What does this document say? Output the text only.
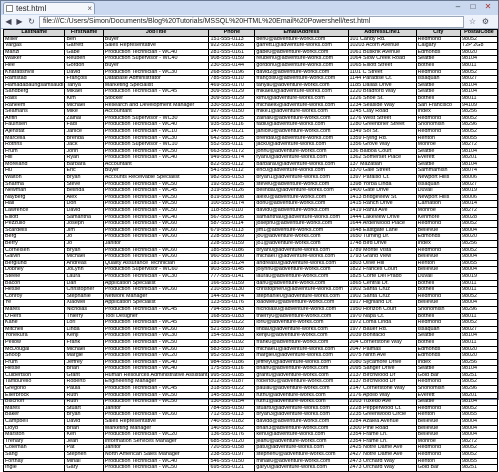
test.html	×	–	□	✕
◀ ▶ ↻	file:///C:/Users/Simon/Documents/Blog%20Tutorials/MSSQL%20HTML%20Email%20Powershell/test.html	☆ ⚙
LastName	FirstName	JobTitle	Phone	EmailAddress	AddressLine1	City	PostalCode
Miller	Ben	Buyer	151-555-0113	ben0@adventure-works.com	101 Candy Rd.	Redmond	98052
Vargas	Garrett	Sales Representative	922-555-0165	garrett1@adventure-works.com	10203 Acorn Avenue	Calgary	T2P 2G8
Manzi	Gabe	Production Technician - WC40	281-555-0161	gabe0@adventure-works.com	1061 Buskrik Avenue	Edmonds	98020
Walker	Reuben	Production Supervisor - WC40	908-555-0159	reuben0@adventure-works.com	1064 Slow Creek Road	Seattle	98104
Hee	Gordon	Buyer	230-555-0144	gordon0@adventure-works.com	1065 Elliott Street	Bothell	98011
Kharatishvili	David	Production Technician - WC30	268-555-0196	david2@adventure-works.com	1101 C Street	Redmond	98052
Ramstad	François	Database Administrator	785-555-0110	françois0@adventure-works.com	1144 Paradise Ct.	Issaquah	98027
Hamadabaungsamsaudi	Tanya	Marketing Specialist	469-555-0170	tanya0@adventure-works.com	1185 Dallas Drive	Seattle	98104
Sandberg	Mikael	Production Technician - WC45	309-555-0129	mikael0@adventure-works.com	1220 Bradford Way	Seattle	98104
Ralls	Kim	Stocker	309-555-0129	kim0@adventure-works.com	1226 Shoe St.	Bothell	98011
Raheem	Michael	Research and Development Manager	330-555-0120	michael6@adventure-works.com	1234 Seaside Way	San Francisco	94109
Seamans	Mike	Accountant	927-555-0150	mike1@adventure-works.com	1245 Clay Road	Index	98256
Arifin	Zainal	Production Supervisor - WC30	901-555-0125	zainal0@adventure-works.com	1276 West Street	Redmond	98052
Faulhsen	Fadi	Production Technician - WC40	935-555-0116	fadi0@adventure-works.com	1280 Greenbrier Street	Snohomish	98296
Ajenstat	Janice	Production Technician - WC10	147-555-0121	janice0@adventure-works.com	1349 Sol St.	Redmond	98052
Marcella	Brenda	Production Technician - WC30	642-555-0125	brenda0@adventure-works.com	1359 Flying Rd.	Renton	98055
Rothns	Jack	Production Supervisor - WC10	552-555-0111	jack0@adventure-works.com	1356 Grove Way	Monroe	98272
Frum	John	Production Technician - WC50	663-555-0172	john0@adventure-works.com	136 Balboa Court	Seattle	98104
Hill	Ryan	Production Technician - WC40	949-555-0174	ryan0@adventure-works.com	1362 Somerset Place	Everett	98201
Moreland	Barbara	Accountant	822-555-0112	barbara0@adventure-works.com	137 Mazatlan	Seattle	98104
Hu	Eric	Buyer	541-555-0112	eric0@adventure-works.com	1370 Gale Street	Sammamish	98074
Walton	Bryan	Accounts Receivable Specialist	982-555-0153	bryan1@adventure-works.com	1397 Paraiso Ct.	Newport Hills	98006
Sharma	Steve	Production Technician - WC50	192-555-0125	steve0@adventure-works.com	1398 Yorba Linda	Issaquah	98027
Newman	Belinda	Production Technician - WC45	319-555-0126	belinda0@adventure-works.com	1400 Gate Drive	Duvall	98019
Nayberg	Alex	Production Technician - WC50	819-555-0198	alex0@adventure-works.com	1413 Bridgeview St.	Newport Hills	98006
Hall	Don	Production Technician - WC50	100-555-0174	don0@adventure-works.com	1415 Ranch Drive	Carnation	98014
Lawrence	David	Production Technician - WC50	118-555-0110	david0@adventure-works.com	1419 Rahul Ave	Monroe	98272
Elliott	Samantha	Production Technician - WC40	567-555-0195	samantha0@adventure-works.com	1444 Lakeview Drive	Kenmore	98028
Pezzullo	Joseph	Production Technician - WC60	587-555-0114	joseph0@adventure-works.com	1644 Ardenwood Place	Redmond	98052
Scardelis	Jim	Production Technician - WC60	679-555-0113	jim1@adventure-works.com	1648 Eastgate Lane	Bellevue	98004
Berg	Jo	Production Technician - WC60	228-555-0159	jo0@adventure-works.com	1650 Turning Dr.	Edmonds	98020
Berry	Jo	Janitor	228-555-0159	jo1@adventure-works.com	1748 Bird Drive	Index	98256
Cornelsen	Bryan	Production Technician - WC60	185-555-0186	bryan0@adventure-works.com	1789 Monte Vista	Redmond	98052
Galvin	Michael	Production Technician - WC60	960-555-0180	michael7@adventure-works.com	1793 Grand View	Bellevue	98004
Berglund	Andreas	Quality Assurance Technician	181-555-0124	andreas0@adventure-works.com	1803 Olive Hill	Renton	98055
Dobney	JoLynn	Production Supervisor - WC60	903-555-0145	jolynn0@adventure-works.com	1822 Frances Court	Bellevue	98004
Steele	Laura	Production Technician - WC30	777-555-0141	laura0@adventure-works.com	1825 Corte Del Prado	Duvall	98019
Bacon	Dan	Application Specialist	166-555-0159	dan0@adventure-works.com	1865 Central Dr.	Bothell	98011
Hesse	Christopher	Production Technician - WC60	210-555-0130	christopher0@adventure-works.com	1902 Santa Cruz	Bothell	98011
Conroy	Stephanie	Network Manager	144-555-0174	stephanie0@adventure-works.com	1902 Santa Cruz	Redmond	98052
Ye	Xiaowei	Application Specialist	123-555-0176	xiaowei0@adventure-works.com	1917 Highland Dr.	Bellevue	98004
Mares	Nicholas	Production Technician - WC45	794-555-0143	nicholas0@adventure-works.com	1950 Horizon Court	Snohomish	98296
D'Hers	Thierry	Tool Designer	168-555-0183	thierry0@adventure-works.com	1970 Napa Ct.	Bothell	98011
Kane	Lori	Production Technician - WC45	159-555-0122	lori0@adventure-works.com	1972 Loma Linda	Redmond	98052
Mitchell	Linda	Production Technician - WC60	521-555-0169	linda0@adventure-works.com	1977 Bauer Rd.	Issaquah	98027
Yonekura	Kenji	Production Technician - WC30	154-555-0133	kenji0@adventure-works.com	2039 Bonifacio	Seattle	98104
Pellow	Frank	Production Technician - WC50	283-555-0192	frank0@adventure-works.com	204 Cornerstone Way	Bothell	98011
McDougal	Michael	Production Technician - WC60	583-555-0110	michael1@adventure-works.com	2047 Palmas	Edmonds	98020
Shoop	Margie	Production Technician - WC20	952-555-0128	margie0@adventure-works.com	2075 Ninth Ave	Edmonds	98020
Frum	Jeffrey	Production Technician - WC40	984-555-0186	jeffrey0@adventure-works.com	2080 Sycamore Drive	Index	98256
Hesse	Brian	Production Technician - WC40	175-555-0116	brian0@adventure-works.com	2095 Sanger Drive	Seattle	98104
Culbertson	Grant	Human Resources Administrative Assistant	995-555-0185	grant0@adventure-works.com	2137 Birchwood Dr	Gold Bar	98251
Tamburello	Roberto	Engineering Manager	212-555-0187	roberto0@adventure-works.com	2137 Birchwood Dr	Redmond	98052
Gregorio	Paula	Production Technician - WC45	318-555-0122	paula0@adventure-works.com	2147 Cornerstone Way	Snohomish	98296
Ellerbrock	Ruth	Production Technician - WC50	145-555-0130	ruth0@adventure-works.com	2176 Apollo Way	Everett	98201
Bischoff	Ruth	Production Technician - WC50	130-555-0154	ruth1@adventure-works.com	2203 Tuxedo Ave	Seattle	98104
Mares	Stuart	Janitor	784-555-0150	stuart0@adventure-works.com	2228 Pepperwood Ct.	Redmond	98052
Baker	Bryan	Production Technician - WC60	712-555-0113	bryan3@adventure-works.com	2235 Greenwood Circle	Renton	98055
Campbell	David	Sales Representative	740-555-0182	david8@adventure-works.com	2284 Azalea Avenue	Bellevue	98004
Lloyd	Brian	Marketing Manager	140-555-0162	brian3@adventure-works.com	2300 Pine Road	Bellevue	98004
Marston	Ken	Production Technician - WC20	136-555-0176	ken0@adventure-works.com	2354 Frame Ln.	Bellevue	98004
Trenary	Jean	Information Services Manager	685-555-0120	jean0@adventure-works.com	2354 Frame Ln.	Monroe	98272
Coleman	Pat	Janitor	720-555-0158	pat0@adventure-works.com	2425 Notre Dame Ave	Redmond	98052
Sang	Stephen	North American Sales Manager	238-555-0197	stephen0@adventure-works.com	2427 Notre Dame Ave	Redmond	98052
Fortnay	Mihail	Production Technician - WC40	546-555-0150	mihail0@adventure-works.com	2473 Orchard Way	Renton	98055
Ingle	Gary	Production Technician - WC50	695-555-0121	gary0@adventure-works.com	2473 Orchard Way	Gold Bar	98251
